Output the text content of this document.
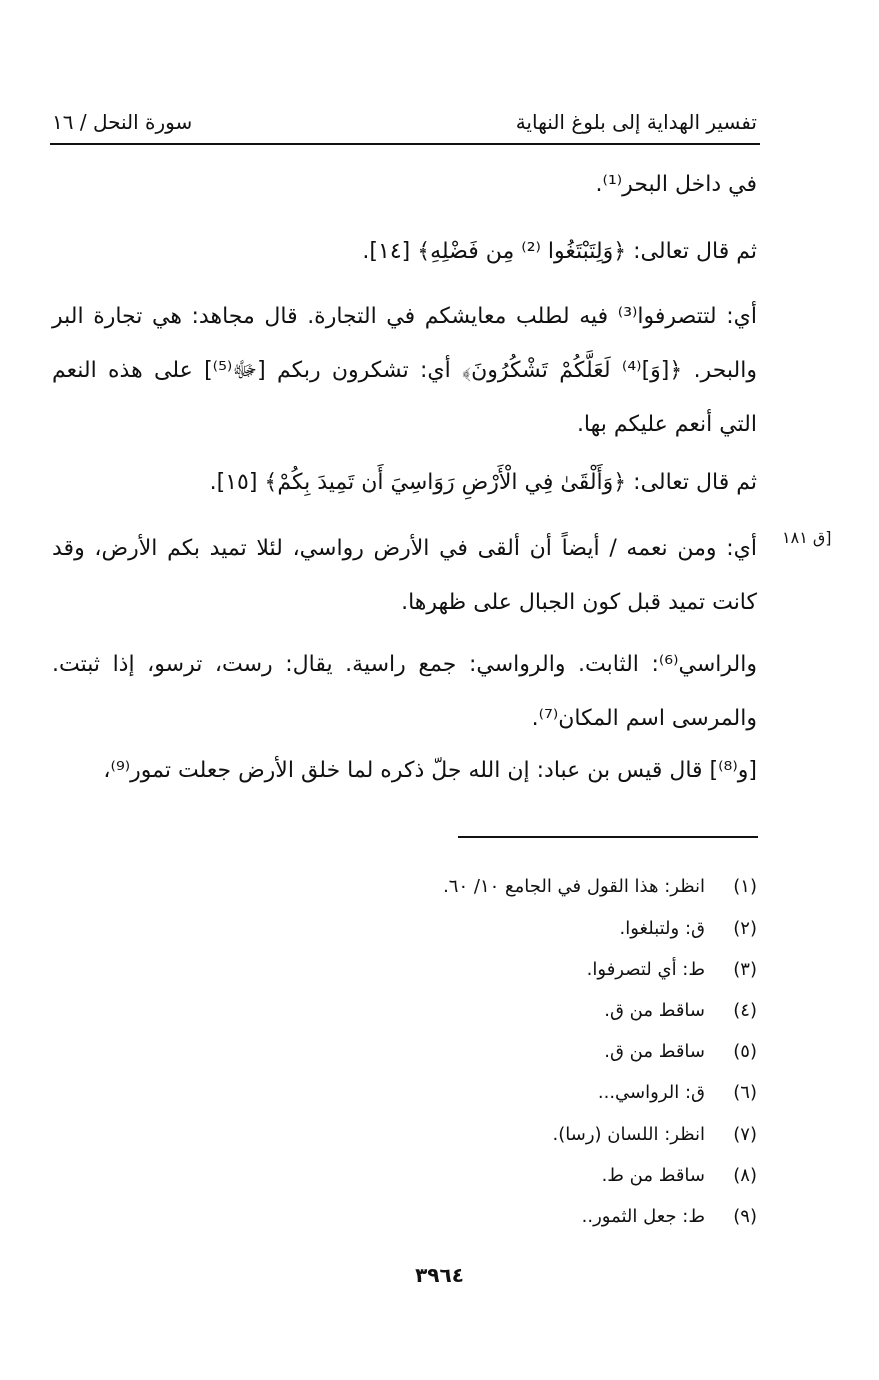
تفسير الهداية إلى بلوغ النهاية
سورة النحل / ١٦
في داخل البحر⁽¹⁾.
ثم قال تعالى: ﴿وَلِتَبْتَغُوا ⁽²⁾ مِن فَضْلِهِ﴾ [١٤].
أي: لتتصرفوا⁽³⁾ فيه لطلب معايشكم في التجارة. قال مجاهد: هي تجارة البر والبحر. ﴿[وَ]⁽⁴⁾ لَعَلَّكُمْ تَشْكُرُونَ﴾ أي: تشكرون ربكم [ﷻ⁽⁵⁾] على هذه النعم التي أنعم عليكم بها.
ثم قال تعالى: ﴿وَأَلْقَىٰ فِي الْأَرْضِ رَوَاسِيَ أَن تَمِيدَ بِكُمْ﴾ [١٥].
أي: ومن نعمه / أيضاً أن ألقى في الأرض رواسي، لئلا تميد بكم الأرض، وقد كانت تميد قبل كون الجبال على ظهرها.
[ق ١٨١
والراسي⁽⁶⁾: الثابت. والرواسي: جمع راسية. يقال: رست، ترسو، إذا ثبتت. والمرسى اسم المكان⁽⁷⁾.
[و⁽⁸⁾] قال قيس بن عباد: إن الله جلّ ذكره لما خلق الأرض جعلت تمور⁽⁹⁾،
(١)انظر: هذا القول في الجامع ١٠/ ٦٠.
(٢)ق: ولتبلغوا.
(٣)ط: أي لتصرفوا.
(٤)ساقط من ق.
(٥)ساقط من ق.
(٦)ق: الرواسي...
(٧)انظر: اللسان (رسا).
(٨)ساقط من ط.
(٩)ط: جعل الثمور..
٣٩٦٤
